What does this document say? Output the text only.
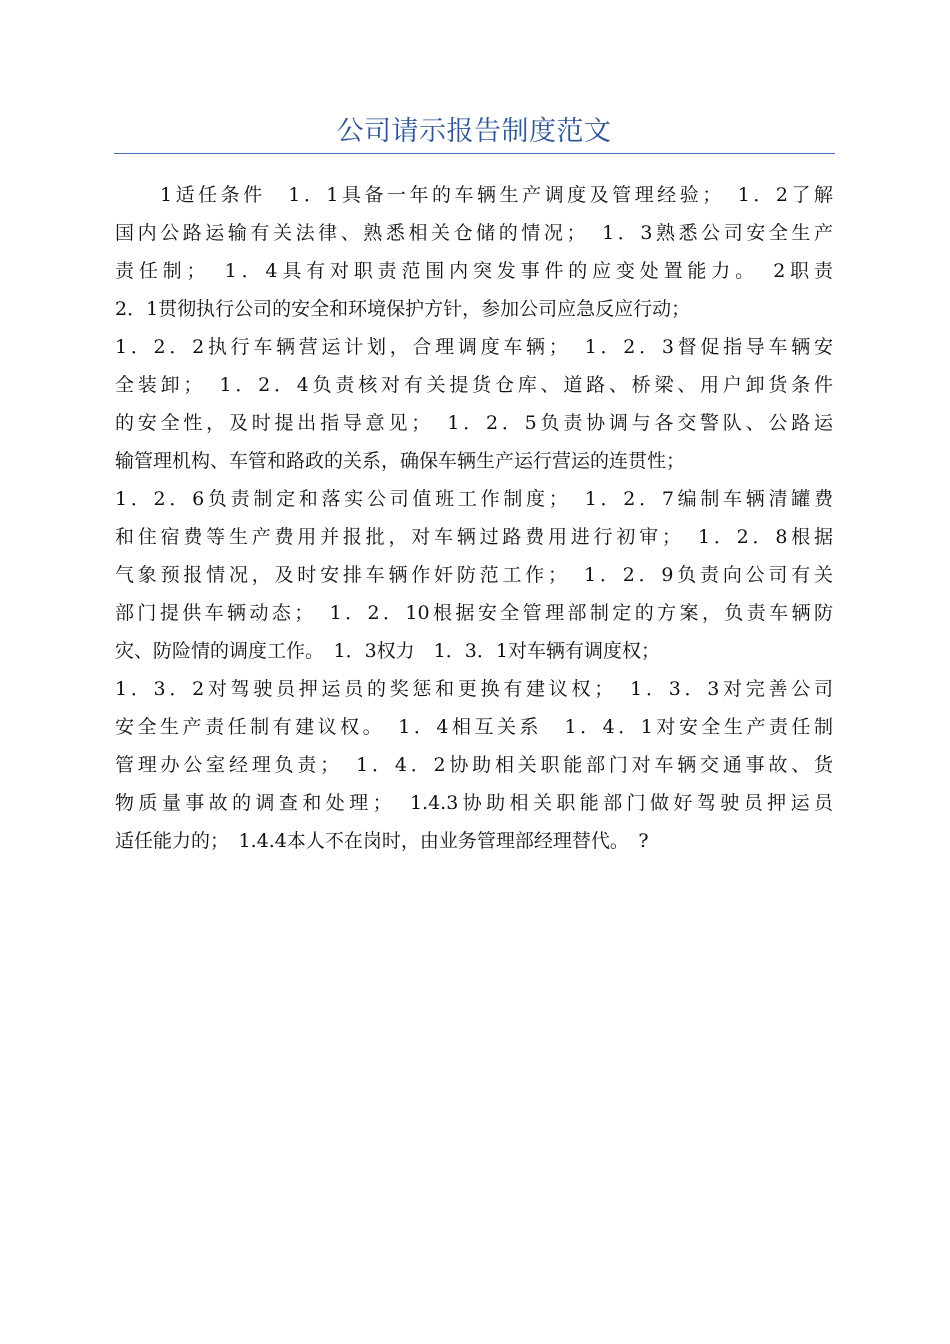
公司请示报告制度范文
　　1适任条件　1．1具备一年的车辆生产调度及管理经验；　1．2了解
国内公路运输有关法律、熟悉相关仓储的情况；　1．3熟悉公司安全生产
责任制；　1．4具有对职责范围内突发事件的应变处置能力。　2职责
2．1贯彻执行公司的安全和环境保护方针，参加公司应急反应行动；
1．2．2执行车辆营运计划，合理调度车辆；　1．2．3督促指导车辆安
全装卸；　1．2．4负责核对有关提货仓库、道路、桥梁、用户卸货条件
的安全性，及时提出指导意见；　1．2．5负责协调与各交警队、公路运
输管理机构、车管和路政的关系，确保车辆生产运行营运的连贯性；
1．2．6负责制定和落实公司值班工作制度；　1．2．7编制车辆清罐费
和住宿费等生产费用并报批，对车辆过路费用进行初审；　1．2．8根据
气象预报情况，及时安排车辆作奸防范工作；　1．2．9负责向公司有关
部门提供车辆动态；　1．2．10根据安全管理部制定的方案，负责车辆防
灾、防险情的调度工作。　1．3权力　1．3．1对车辆有调度权；
1．3．2对驾驶员押运员的奖惩和更换有建议权；　1．3．3对完善公司
安全生产责任制有建议权。　1．4相互关系　1．4．1对安全生产责任制
管理办公室经理负责；　1．4．2协助相关职能部门对车辆交通事故、货
物质量事故的调查和处理；　1.4.3协助相关职能部门做好驾驶员押运员
适任能力的；　1.4.4本人不在岗时，由业务管理部经理替代。　?
